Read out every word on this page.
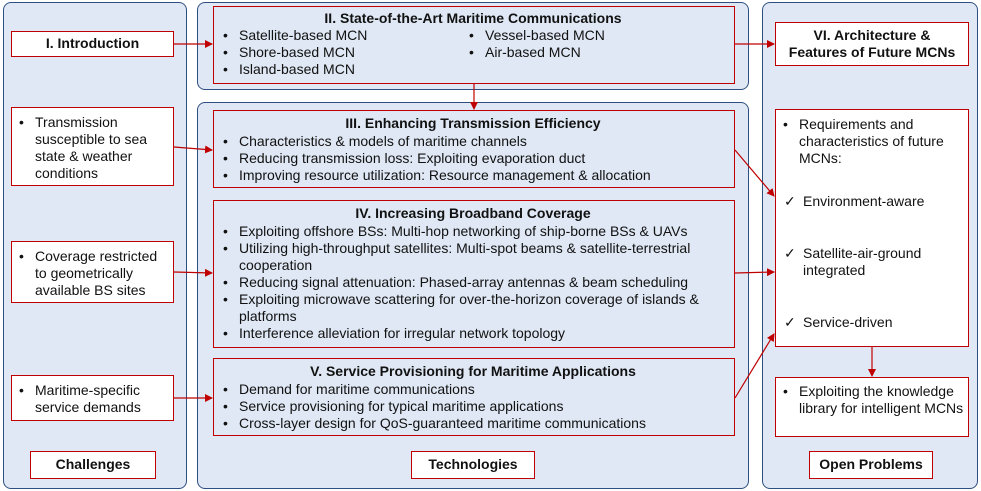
I. Introduction
• Transmission susceptible to sea state & weather conditions
• Coverage restricted to geometrically available BS sites
• Maritime-specific service demands
II. State-of-the-Art Maritime Communications
• Satellite-based MCN
• Shore-based MCN
• Island-based MCN
• Vessel-based MCN
• Air-based MCN
III. Enhancing Transmission Efficiency
• Characteristics & models of maritime channels
• Reducing transmission loss: Exploiting evaporation duct
• Improving resource utilization: Resource management & allocation
IV. Increasing Broadband Coverage
• Exploiting offshore BSs: Multi-hop networking of ship-borne BSs & UAVs
• Utilizing high-throughput satellites: Multi-spot beams & satellite-terrestrial cooperation
• Reducing signal attenuation: Phased-array antennas & beam scheduling
• Exploiting microwave scattering for over-the-horizon coverage of islands & platforms
• Interference alleviation for irregular network topology
V. Service Provisioning for Maritime Applications
• Demand for maritime communications
• Service provisioning for typical maritime applications
• Cross-layer design for QoS-guaranteed maritime communications
VI. Architecture &
Features of Future MCNs
• Requirements and characteristics of future MCNs:
✓ Environment-aware
✓ Satellite-air-ground integrated
✓ Service-driven
• Exploiting the knowledge library for intelligent MCNs
Challenges	Technologies	Open Problems
